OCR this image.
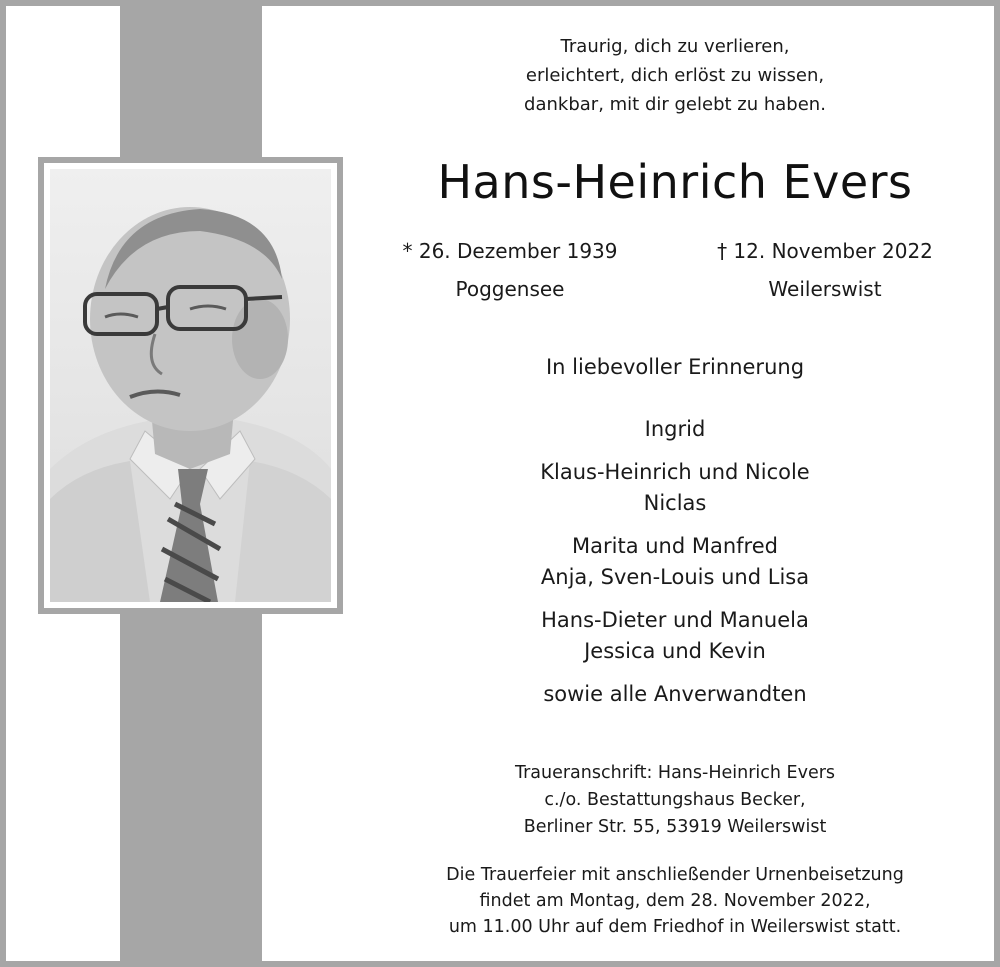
Traurig, dich zu verlieren,
erleichtert, dich erlöst zu wissen,
dankbar, mit dir gelebt zu haben.
Hans-Heinrich Evers
* 26. Dezember 1939
Poggensee
† 12. November 2022
Weilerswist
In liebevoller Erinnerung
Ingrid
Klaus-Heinrich und Nicole
Niclas
Marita und Manfred
Anja, Sven-Louis und Lisa
Hans-Dieter und Manuela
Jessica und Kevin
sowie alle Anverwandten
Traueranschrift: Hans-Heinrich Evers
c./o. Bestattungshaus Becker,
Berliner Str. 55, 53919 Weilerswist
Die Trauerfeier mit anschließender Urnenbeisetzung
findet am Montag, dem 28. November 2022,
um 11.00 Uhr auf dem Friedhof in Weilerswist statt.
